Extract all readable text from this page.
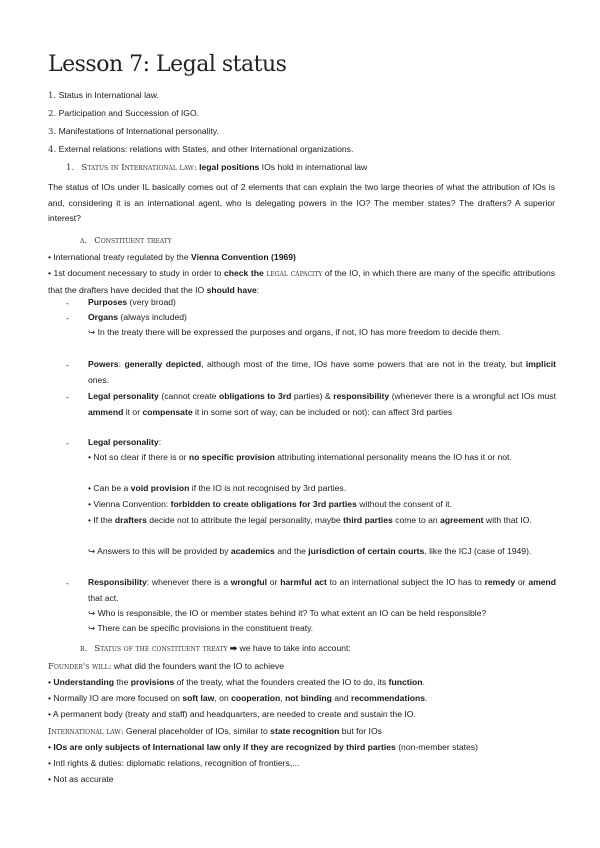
Lesson 7: Legal status
1. Status in International law.
2. Participation and Succession of IGO.
3. Manifestations of International personality.
4. External relations: relations with States, and other International organizations.
1. Status in International law: legal positions IOs hold in international law
The status of IOs under IL basically comes out of 2 elements that can explain the two large theories of what the attribution of IOs is and, considering it is an international agent, who is delegating powers in the IO? The member states? The drafters? A superior interest?
a. Constituent treaty
• International treaty regulated by the Vienna Convention (1969)
• 1st document necessary to study in order to check the legal capacity of the IO, in which there are many of the specific attributions that the drafters have decided that the IO should have:
- Purposes (very broad)
- Organs (always included)
↪ In the treaty there will be expressed the purposes and organs, if not, IO has more freedom to decide them.
- Powers: generally depicted, although most of the time, IOs have some powers that are not in the treaty, but implicit ones.
- Legal personality (cannot create obligations to 3rd parties) & responsibility (whenever there is a wrongful act IOs must ammend it or compensate it in some sort of way, can be included or not): can affect 3rd parties
- Legal personality:
• Not so clear if there is or no specific provision attributing international personality means the IO has it or not.
• Can be a void provision if the IO is not recognised by 3rd parties.
• Vienna Convention: forbidden to create obligations for 3rd parties without the consent of it.
• If the drafters decide not to attribute the legal personality, maybe third parties come to an agreement with that IO.
↪ Answers to this will be provided by academics and the jurisdiction of certain courts, like the ICJ (case of 1949).
- Responsibility: whenever there is a wrongful or harmful act to an international subject the IO has to remedy or amend that act.
↪ Who is responsible, the IO or member states behind it? To what extent an IO can be held responsible?
↪ There can be specific provisions in the constituent treaty.
b. Status of the constituent treaty ➡ we have to take into account:
Founder's will: what did the founders want the IO to achieve
• Understanding the provisions of the treaty, what the founders created the IO to do, its function.
• Normally IO are more focused on soft law, on cooperation, not binding and recommendations.
• A permanent body (treaty and staff) and headquarters, are needed to create and sustain the IO.
International law: General placeholder of IOs, similar to state recognition but for IOs
• IOs are only subjects of International law only if they are recognized by third parties (non-member states)
• Intl rights & duties: diplomatic relations, recognition of frontiers,...
• Not as accurate
